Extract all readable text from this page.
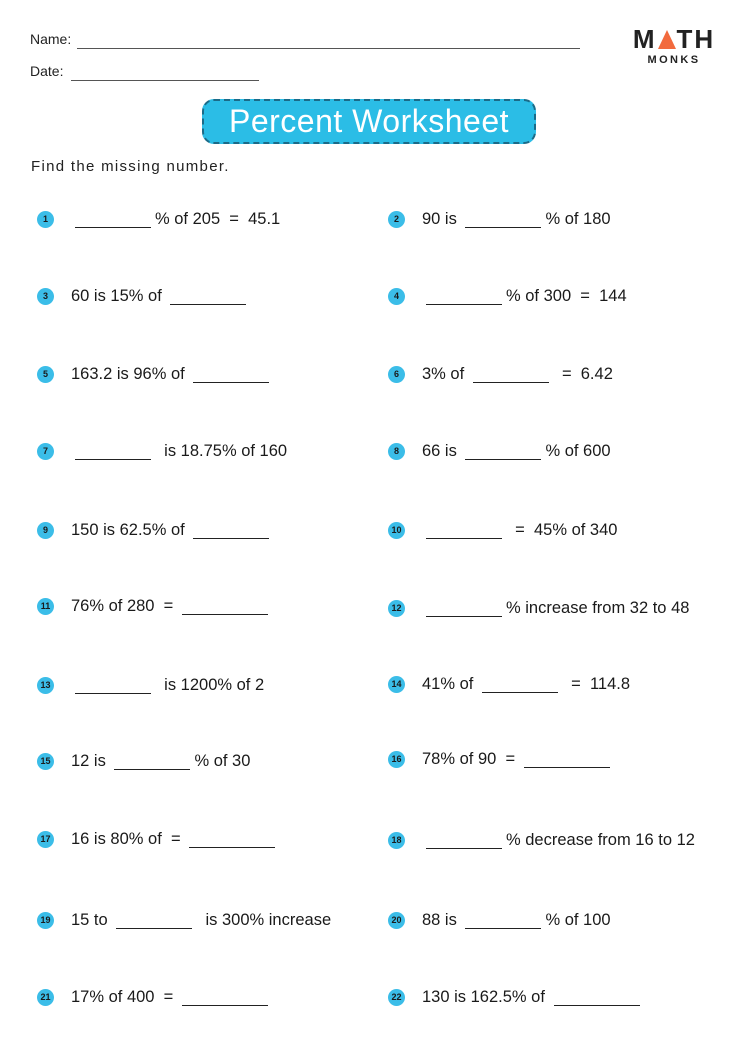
Name:
Date:
M TH
MONKS
Percent Worksheet
Find the missing number.
1	% of 205  =  45.1
3	60 is 15% of
5	163.2 is 96% of
7	is 18.75% of 160
9	150 is 62.5% of
11 76% of 280  =
13	is 1200% of 2
15 12 is	% of 30
17 16 is 80% of  =
19 15 to	is 300% increase
21 17% of 400  =
2	90 is	% of 180
4	% of 300  =  144
6	3% of	=  6.42
8	66 is	% of 600
10	=  45% of 340
12	% increase from 32 to 48
14 41% of	=  114.8
16 78% of 90  =
18	% decrease from 16 to 12
20 88 is	% of 100
22 130 is 162.5% of
